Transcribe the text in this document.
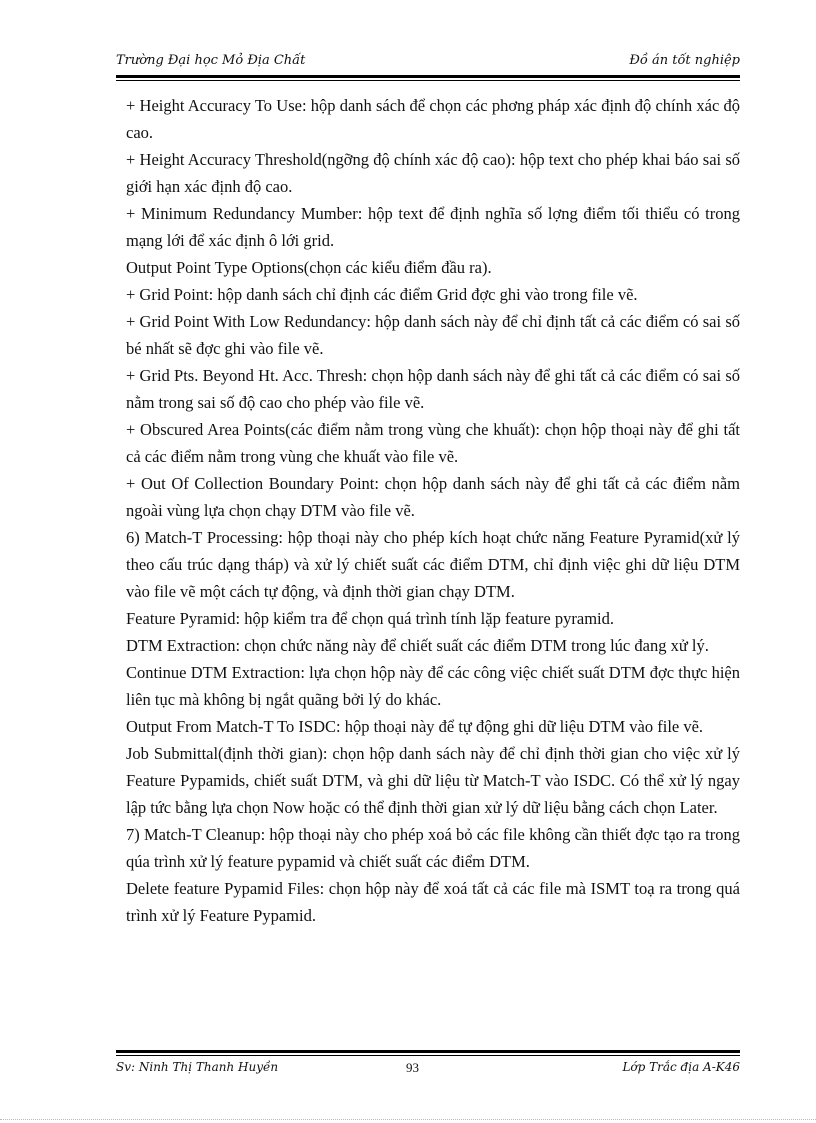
Trường Đại học Mỏ Địa Chất	Đồ án tốt nghiệp

+ Height Accuracy To Use: hộp danh sách để chọn các phơng pháp xác định độ chính xác độ cao.

+ Height Accuracy Threshold(ngỡng độ chính xác độ cao): hộp text cho phép khai báo sai số giới hạn xác định độ cao.

+ Minimum Redundancy Mumber: hộp text để định nghĩa số lợng điểm tối thiểu có trong mạng lới để xác định ô lới grid.

Output Point Type Options(chọn các kiểu điểm đầu ra).

+ Grid Point: hộp danh sách chỉ định các điểm Grid đợc ghi vào trong file vẽ.

+ Grid Point With Low Redundancy: hộp danh sách này để chỉ định tất cả các điểm có sai số bé nhất sẽ đợc ghi vào file vẽ.

+ Grid Pts. Beyond Ht. Acc. Thresh: chọn hộp danh sách này để ghi tất cả các điểm có sai số nằm trong sai số độ cao cho phép vào file vẽ.

+ Obscured Area Points(các điểm nằm trong vùng che khuất): chọn hộp thoại này để ghi tất cả các điểm nằm trong vùng che khuất vào file vẽ.

+ Out Of Collection Boundary Point: chọn hộp danh sách này để ghi tất cả các điểm nằm ngoài vùng lựa chọn chạy DTM vào file vẽ.

6) Match-T Processing: hộp thoại này cho phép kích hoạt chức năng Feature Pyramid(xử lý theo cấu trúc dạng tháp) và xử lý chiết suất các điểm DTM, chỉ định việc ghi dữ liệu DTM vào file vẽ một cách tự động, và định thời gian chạy DTM.

Feature Pyramid: hộp kiểm tra để chọn quá trình tính lặp feature pyramid.

DTM Extraction: chọn chức năng này để chiết suất các điểm DTM trong lúc đang xử lý.

Continue DTM Extraction: lựa chọn hộp này để các công việc chiết suất DTM đợc thực hiện liên tục mà không bị ngắt quãng bởi lý do khác.

Output From Match-T To ISDC: hộp thoại này để tự động ghi dữ liệu DTM vào file vẽ.

Job Submittal(định thời gian): chọn hộp danh sách này để chỉ định thời gian cho việc xử lý Feature Pypamids, chiết suất DTM, và ghi dữ liệu từ Match-T vào ISDC. Có thể xử lý ngay lập tức bằng lựa chọn Now hoặc có thể định thời gian xử lý dữ liệu bằng cách chọn Later.

7) Match-T Cleanup: hộp thoại này cho phép xoá bỏ các file không cần thiết đợc tạo ra trong qúa trình xử lý feature pypamid và chiết suất các điểm DTM.

Delete feature Pypamid Files: chọn hộp này để xoá tất cả các file mà ISMT toạ ra trong quá trình xử lý Feature Pypamid.

Sv: Ninh Thị Thanh Huyền	93	Lớp Trắc địa A-K46
